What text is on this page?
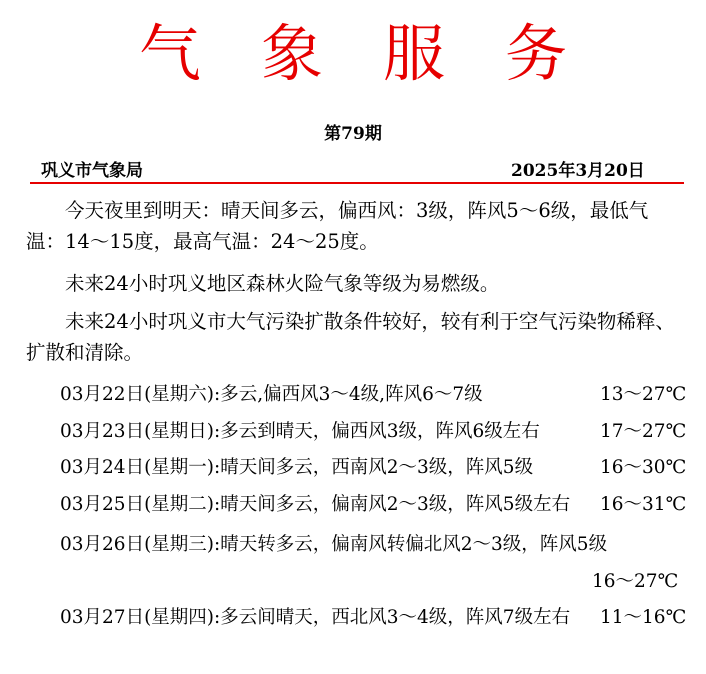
气象服务
第79期
巩义市气象局	2025年3月20日

今天夜里到明天：晴天间多云，偏西风：3级，阵风5～6级，最低气温：14～15度，最高气温：24～25度。

未来24小时巩义地区森林火险气象等级为易燃级。

未来24小时巩义市大气污染扩散条件较好，较有利于空气污染物稀释、扩散和清除。

03月22日(星期六):多云,偏西风3～4级,阵风6～7级	13～27℃
03月23日(星期日):多云到晴天，偏西风3级，阵风6级左右	17～27℃
03月24日(星期一):晴天间多云，西南风2～3级，阵风5级	16～30℃
03月25日(星期二):晴天间多云，偏南风2～3级，阵风5级左右 16～31℃
03月26日(星期三):晴天转多云，偏南风转偏北风2～3级，阵风5级
16～27℃
03月27日(星期四):多云间晴天，西北风3～4级，阵风7级左右 11～16℃
